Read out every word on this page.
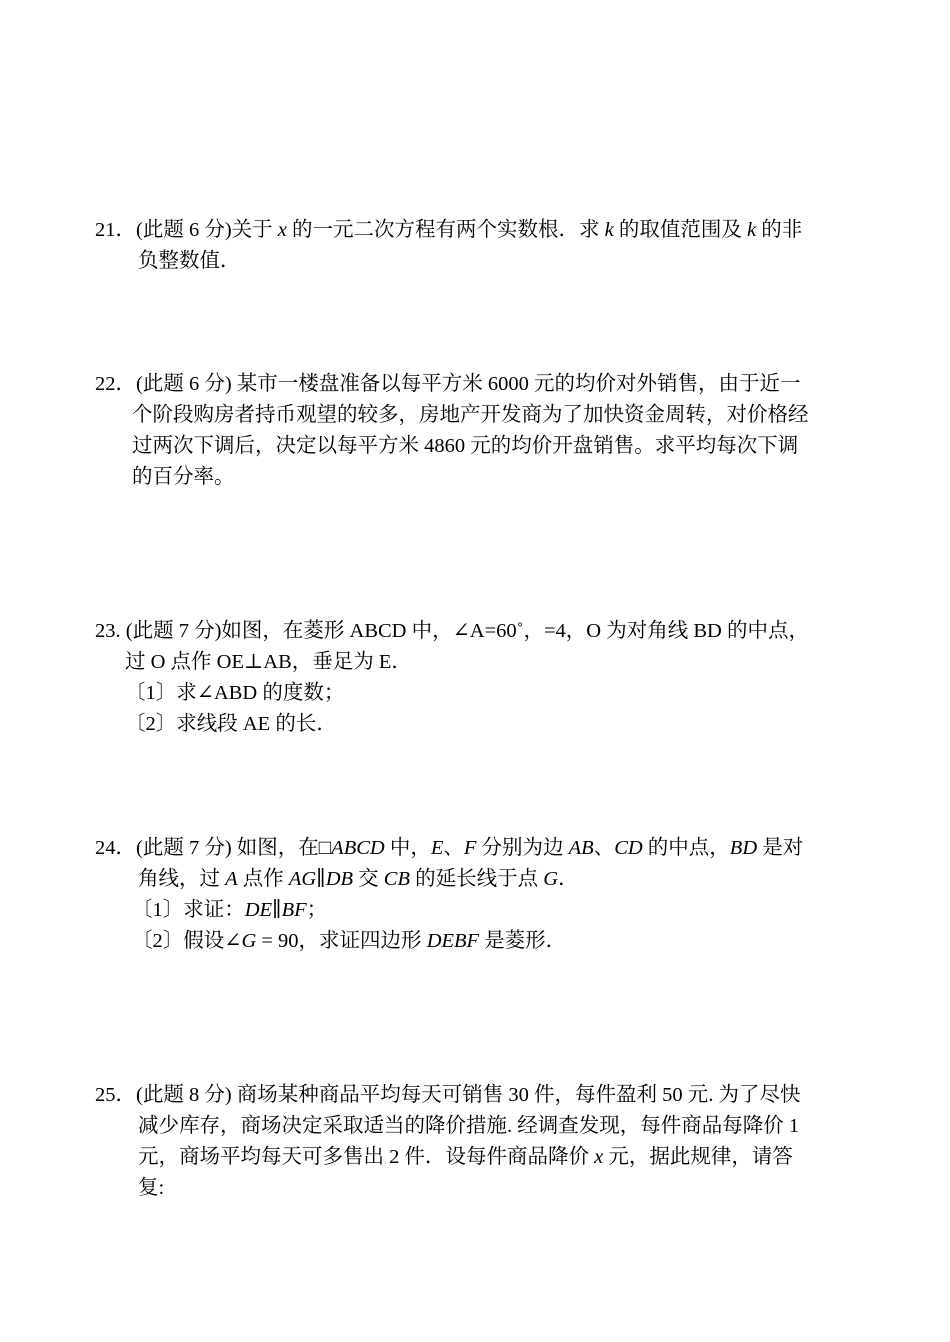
21．(此题 6 分)关于 x 的一元二次方程有两个实数根．求 k 的取值范围及 k 的非
负整数值．
22．(此题 6 分) 某市一楼盘准备以每平方米 6000 元的均价对外销售，由于近一
个阶段购房者持币观望的较多，房地产开发商为了加快资金周转，对价格经
过两次下调后，决定以每平方米 4860 元的均价开盘销售。求平均每次下调
的百分率。
23. (此题 7 分)如图，在菱形 ABCD 中，∠A=60˚，=4，O 为对角线 BD 的中点，
过 O 点作 OE⊥AB，垂足为 E．
〔1〕求∠ABD 的度数；
〔2〕求线段 AE 的长．
24．(此题 7 分) 如图，在□ABCD 中，E、F 分别为边 AB、CD 的中点，BD 是对
角线，过 A 点作 AG∥DB 交 CB 的延长线于点 G．
〔1〕求证：DE∥BF；
〔2〕假设∠G = 90，求证四边形 DEBF 是菱形．
25．(此题 8 分) 商场某种商品平均每天可销售 30 件，每件盈利 50 元. 为了尽快
减少库存，商场决定采取适当的降价措施. 经调查发现，每件商品每降价 1
元，商场平均每天可多售出 2 件．设每件商品降价 x 元，据此规律，请答
复:
